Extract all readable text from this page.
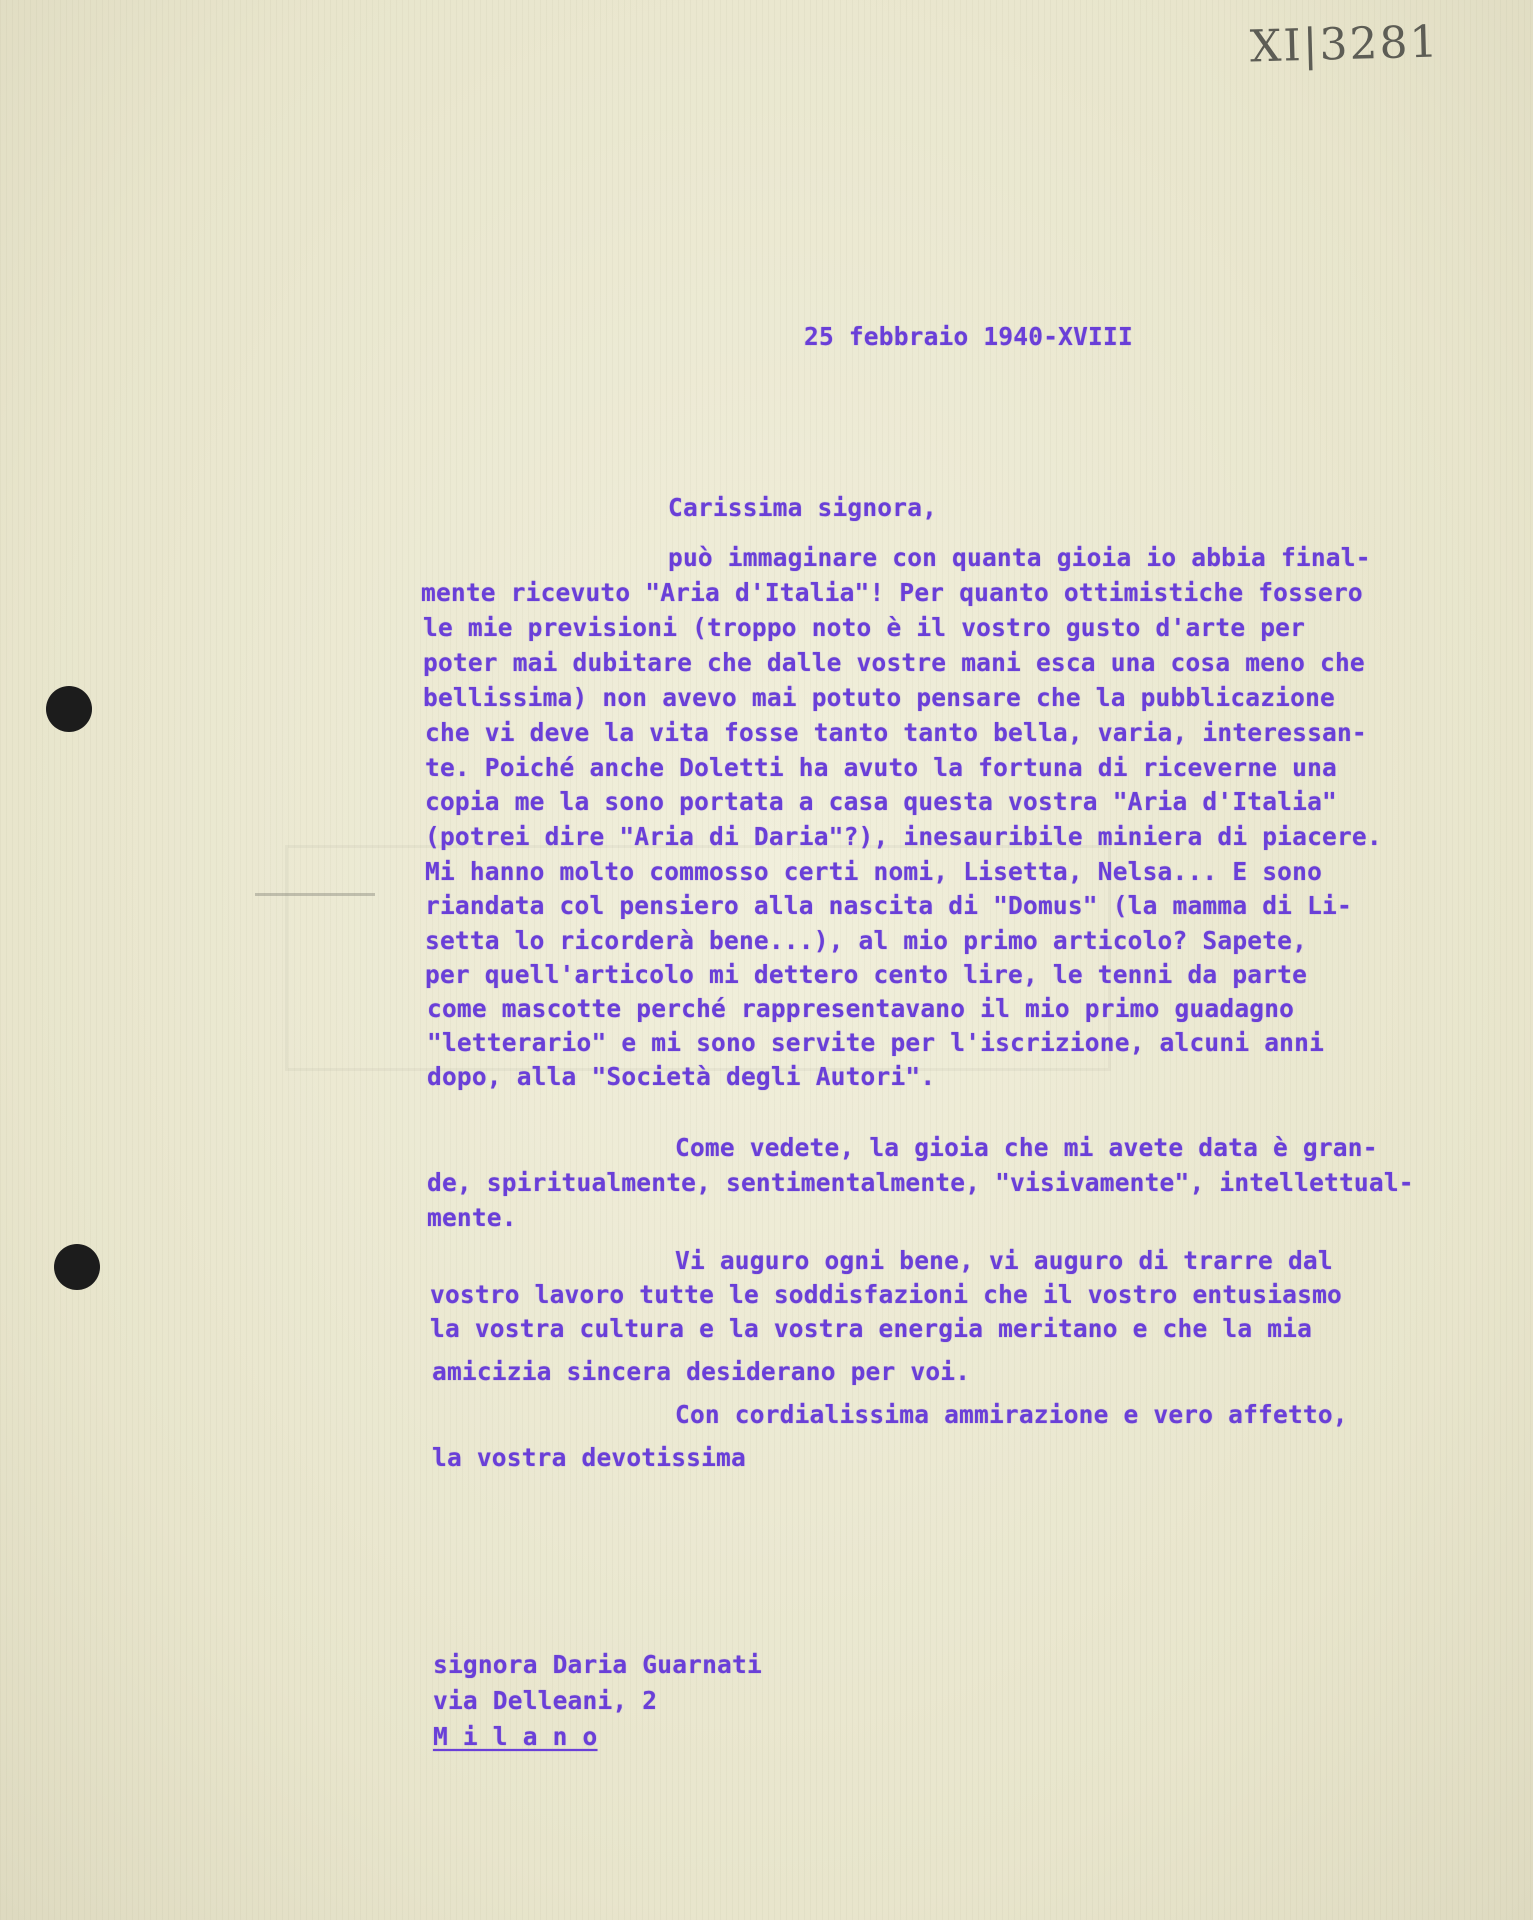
XI|3281

25 febbraio 1940-XVIII

Carissima signora,

può immaginare con quanta gioia io abbia final-

mente ricevuto "Aria d'Italia"! Per quanto ottimistiche fossero

le mie previsioni (troppo noto è il vostro gusto d'arte per

poter mai dubitare che dalle vostre mani esca una cosa meno che

bellissima) non avevo mai potuto pensare che la pubblicazione

che vi deve la vita fosse tanto tanto bella, varia, interessan-

te. Poiché anche Doletti ha avuto la fortuna di riceverne una

copia me la sono portata a casa questa vostra "Aria d'Italia"

(potrei dire "Aria di Daria"?), inesauribile miniera di piacere.

Mi hanno molto commosso certi nomi, Lisetta, Nelsa... E sono

riandata col pensiero alla nascita di "Domus" (la mamma di Li-

setta lo ricorderà bene...), al mio primo articolo? Sapete,

per quell'articolo mi dettero cento lire, le tenni da parte

come mascotte perché rappresentavano il mio primo guadagno

"letterario" e mi sono servite per l'iscrizione, alcuni anni

dopo, alla "Società degli Autori".

Come vedete, la gioia che mi avete data è gran-

de, spiritualmente, sentimentalmente, "visivamente", intellettual-

mente.

Vi auguro ogni bene, vi auguro di trarre dal

vostro lavoro tutte le soddisfazioni che il vostro entusiasmo

la vostra cultura e la vostra energia meritano e che la mia

amicizia sincera desiderano per voi.

Con cordialissima ammirazione e vero affetto,

la vostra devotissima

signora Daria Guarnati

via Delleani, 2

M i l a n o
